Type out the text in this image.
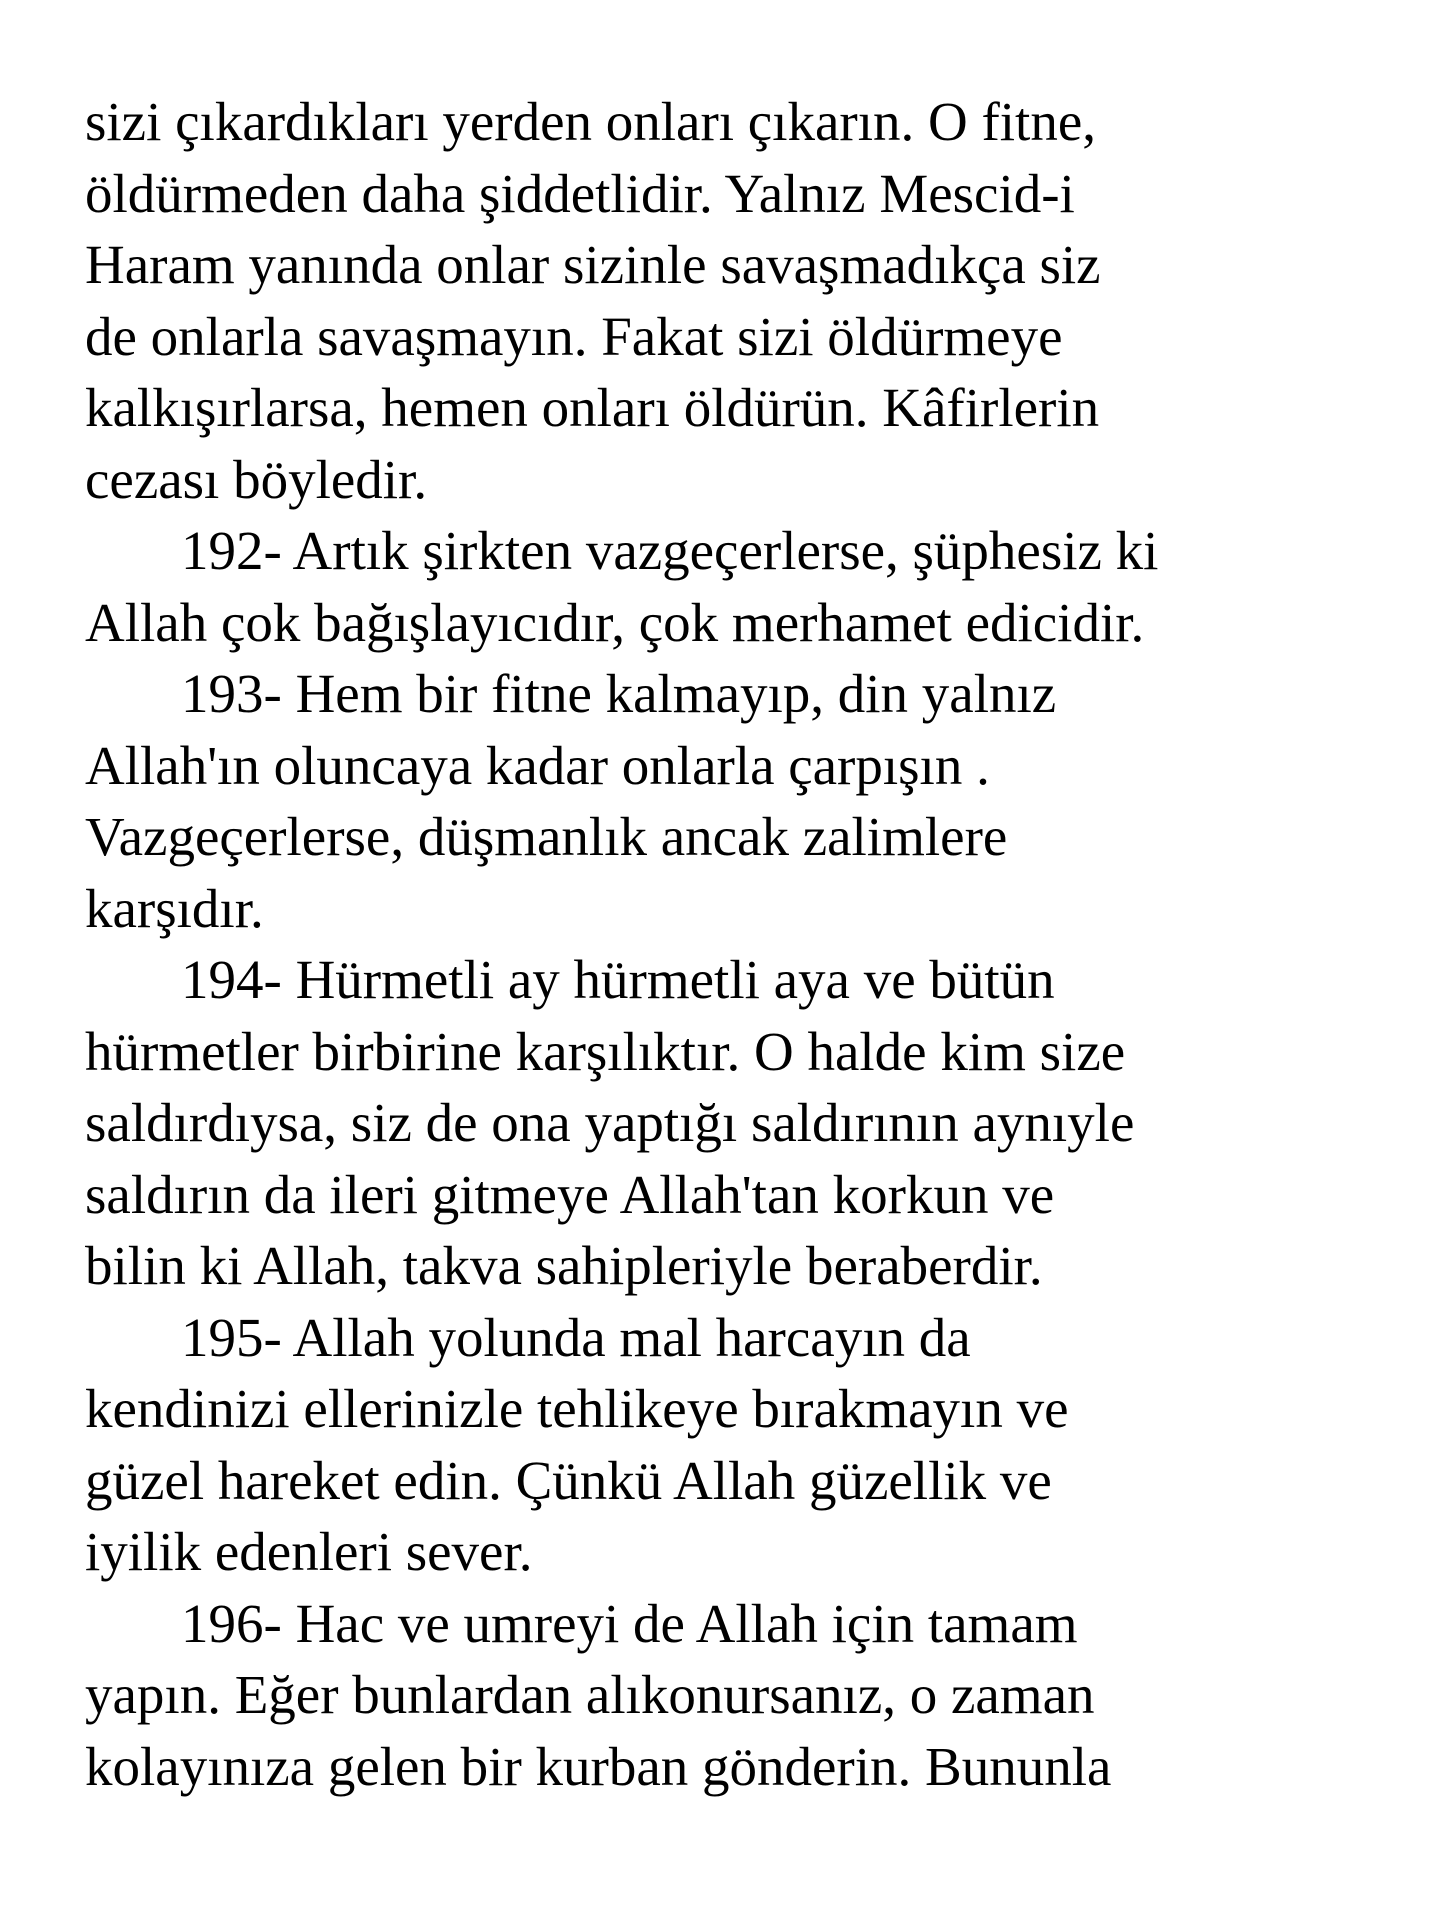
sizi çıkardıkları yerden onları çıkarın. O fitne,
öldürmeden daha şiddetlidir. Yalnız Mescid-i
Haram yanında onlar sizinle savaşmadıkça siz
de onlarla savaşmayın. Fakat sizi öldürmeye
kalkışırlarsa, hemen onları öldürün. Kâfirlerin
cezası böyledir.
192- Artık şirkten vazgeçerlerse, şüphesiz ki
Allah çok bağışlayıcıdır, çok merhamet edicidir.
193- Hem bir fitne kalmayıp, din yalnız
Allah'ın oluncaya kadar onlarla çarpışın .
Vazgeçerlerse, düşmanlık ancak zalimlere
karşıdır.
194- Hürmetli ay hürmetli aya ve bütün
hürmetler birbirine karşılıktır. O halde kim size
saldırdıysa, siz de ona yaptığı saldırının aynıyle
saldırın da ileri gitmeye Allah'tan korkun ve
bilin ki Allah, takva sahipleriyle beraberdir.
195- Allah yolunda mal harcayın da
kendinizi ellerinizle tehlikeye bırakmayın ve
güzel hareket edin. Çünkü Allah güzellik ve
iyilik edenleri sever.
196- Hac ve umreyi de Allah için tamam
yapın. Eğer bunlardan alıkonursanız, o zaman
kolayınıza gelen bir kurban gönderin. Bununla
